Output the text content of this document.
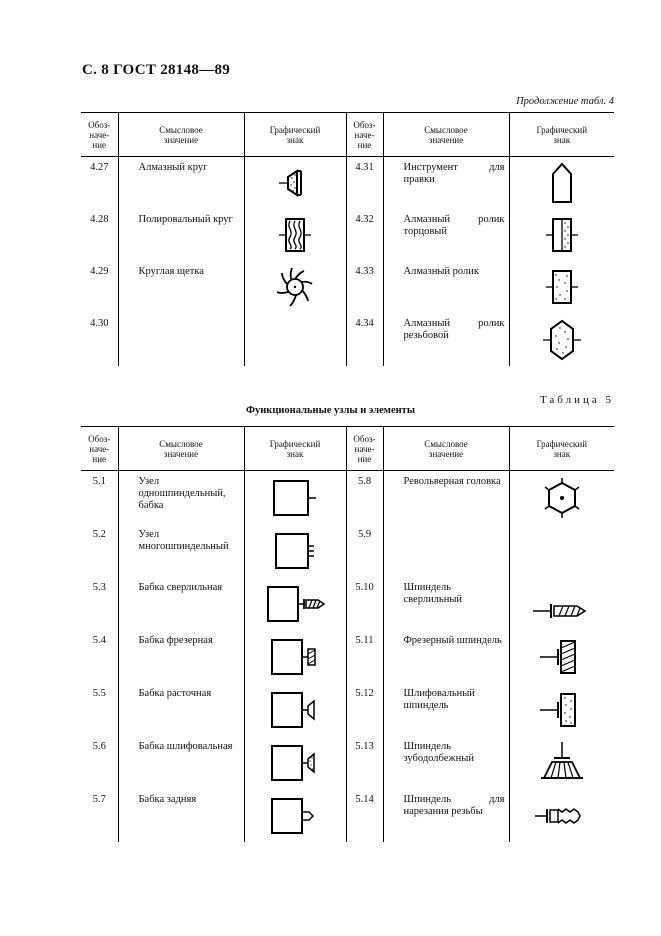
С. 8 ГОСТ 28148—89
Продолжение табл. 4
Обоз-
наче-
ние	Смысловое
значение	Графический
знак	Обоз-
наче-
ние	Смысловое
значение	Графический
знак
4.27	Алмазный круг		4.31	Инструмент для правки	

4.28	Полировальный круг		4.32	Алмазный ролик торцовый	

4.29	Круглая щетка		4.33	Алмазный ролик	

4.30			4.34	Алмазный ролик резьбовой	
Таблица 5
Функциональные узлы и элементы
Обоз-
наче-
ние	Смысловое
значение	Графический
знак	Обоз-
наче-
ние	Смысловое
значение	Графический
знак
5.1	Узел одношпиндельный, бабка		5.8	Револьверная головка	

5.2	Узел многошпиндельный		5.9		
5.3	Бабка сверлильная		5.10	Шпиндель сверлильный	

5.4	Бабка фрезерная		5.11	Фрезерный шпиндель	

5.5	Бабка расточная		5.12	Шлифовальный шпиндель	

5.6	Бабка шлифовальная		5.13	Шпиндель зубодолбежный	

5.7	Бабка задняя		5.14	Шпиндель для нарезания резьбы	
